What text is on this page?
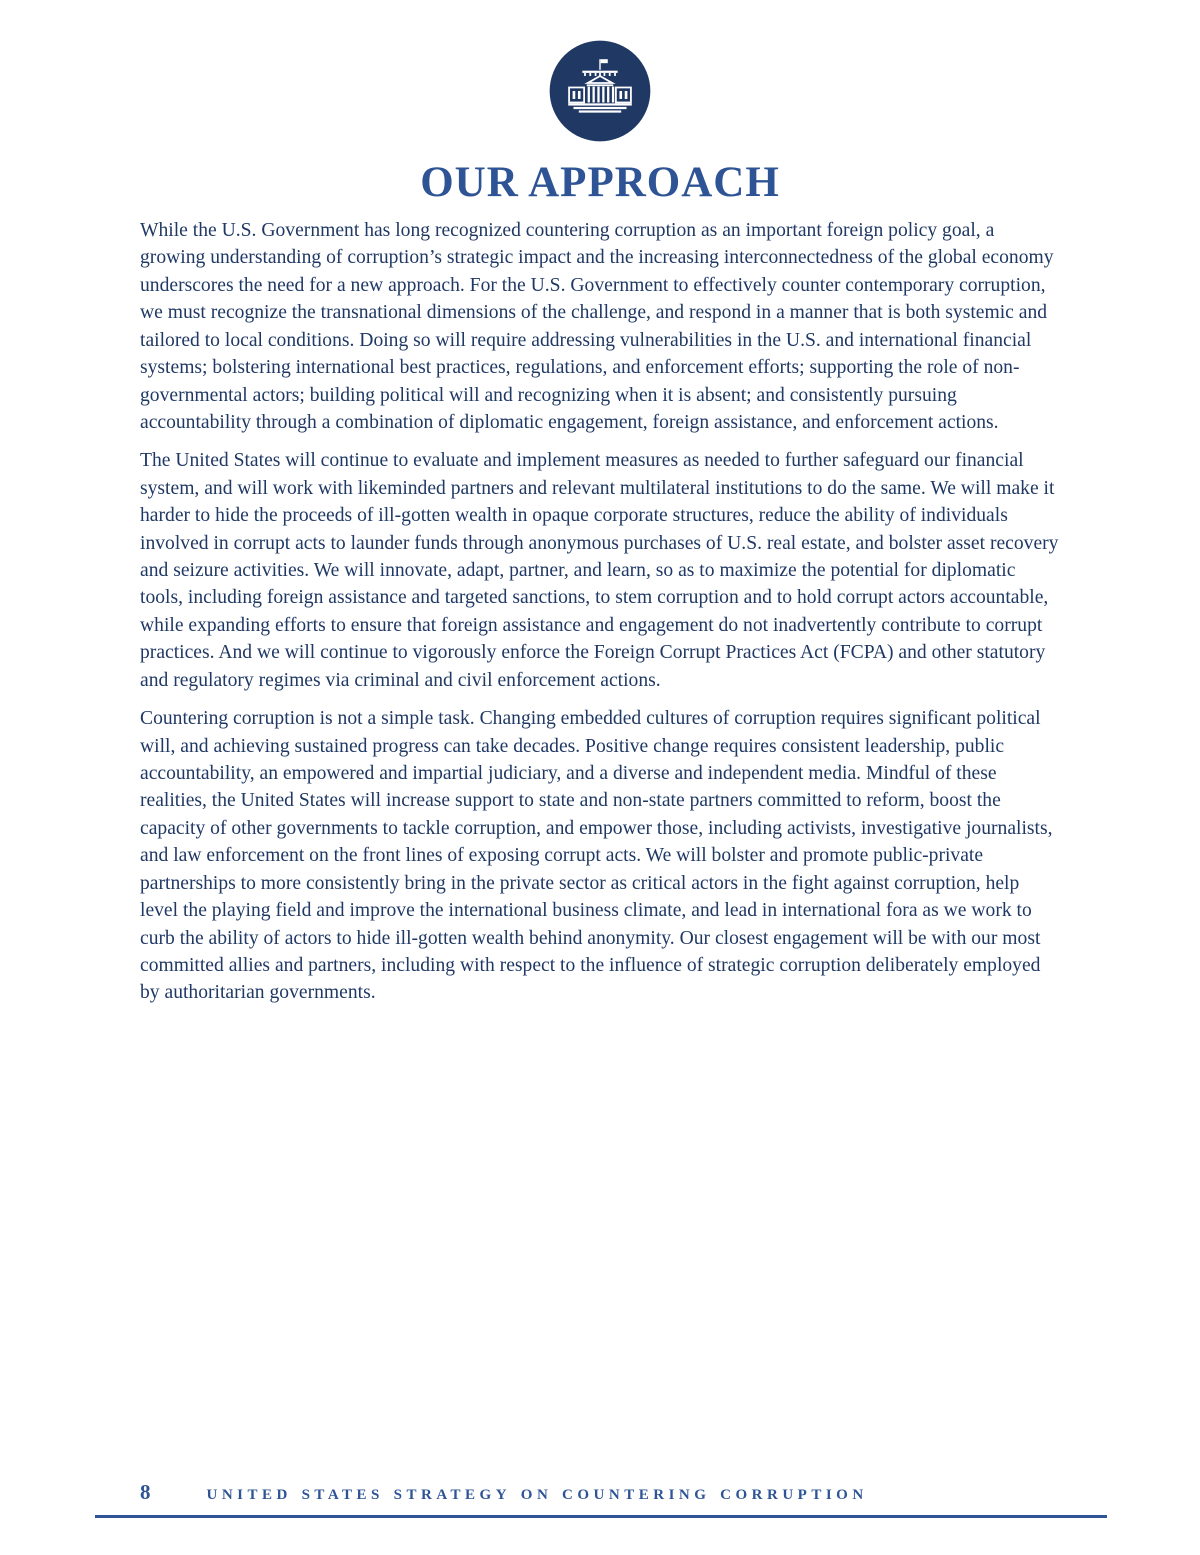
OUR APPROACH

While the U.S. Government has long recognized countering corruption as an important foreign policy goal, a growing understanding of corruption’s strategic impact and the increasing interconnectedness of the global economy underscores the need for a new approach. For the U.S. Government to effectively counter contemporary corruption, we must recognize the transnational dimensions of the challenge, and respond in a manner that is both systemic and tailored to local conditions. Doing so will require addressing vulnerabilities in the U.S. and international financial systems; bolstering international best practices, regulations, and enforcement efforts; supporting the role of non-governmental actors; building political will and recognizing when it is absent; and consistently pursuing accountability through a combination of diplomatic engagement, foreign assistance, and enforcement actions.

The United States will continue to evaluate and implement measures as needed to further safeguard our financial system, and will work with likeminded partners and relevant multilateral institutions to do the same. We will make it harder to hide the proceeds of ill-gotten wealth in opaque corporate structures, reduce the ability of individuals involved in corrupt acts to launder funds through anonymous purchases of U.S. real estate, and bolster asset recovery and seizure activities. We will innovate, adapt, partner, and learn, so as to maximize the potential for diplomatic tools, including foreign assistance and targeted sanctions, to stem corruption and to hold corrupt actors accountable, while expanding efforts to ensure that foreign assistance and engagement do not inadvertently contribute to corrupt practices. And we will continue to vigorously enforce the Foreign Corrupt Practices Act (FCPA) and other statutory and regulatory regimes via criminal and civil enforcement actions.

Countering corruption is not a simple task. Changing embedded cultures of corruption requires significant political will, and achieving sustained progress can take decades. Positive change requires consistent leadership, public accountability, an empowered and impartial judiciary, and a diverse and independent media. Mindful of these realities, the United States will increase support to state and non-state partners committed to reform, boost the capacity of other governments to tackle corruption, and empower those, including activists, investigative journalists, and law enforcement on the front lines of exposing corrupt acts. We will bolster and promote public-private partnerships to more consistently bring in the private sector as critical actors in the fight against corruption, help level the playing field and improve the international business climate, and lead in international fora as we work to curb the ability of actors to hide ill-gotten wealth behind anonymity. Our closest engagement will be with our most committed allies and partners, including with respect to the influence of strategic corruption deliberately employed by authoritarian governments.

8	united states strategy on countering corruption
